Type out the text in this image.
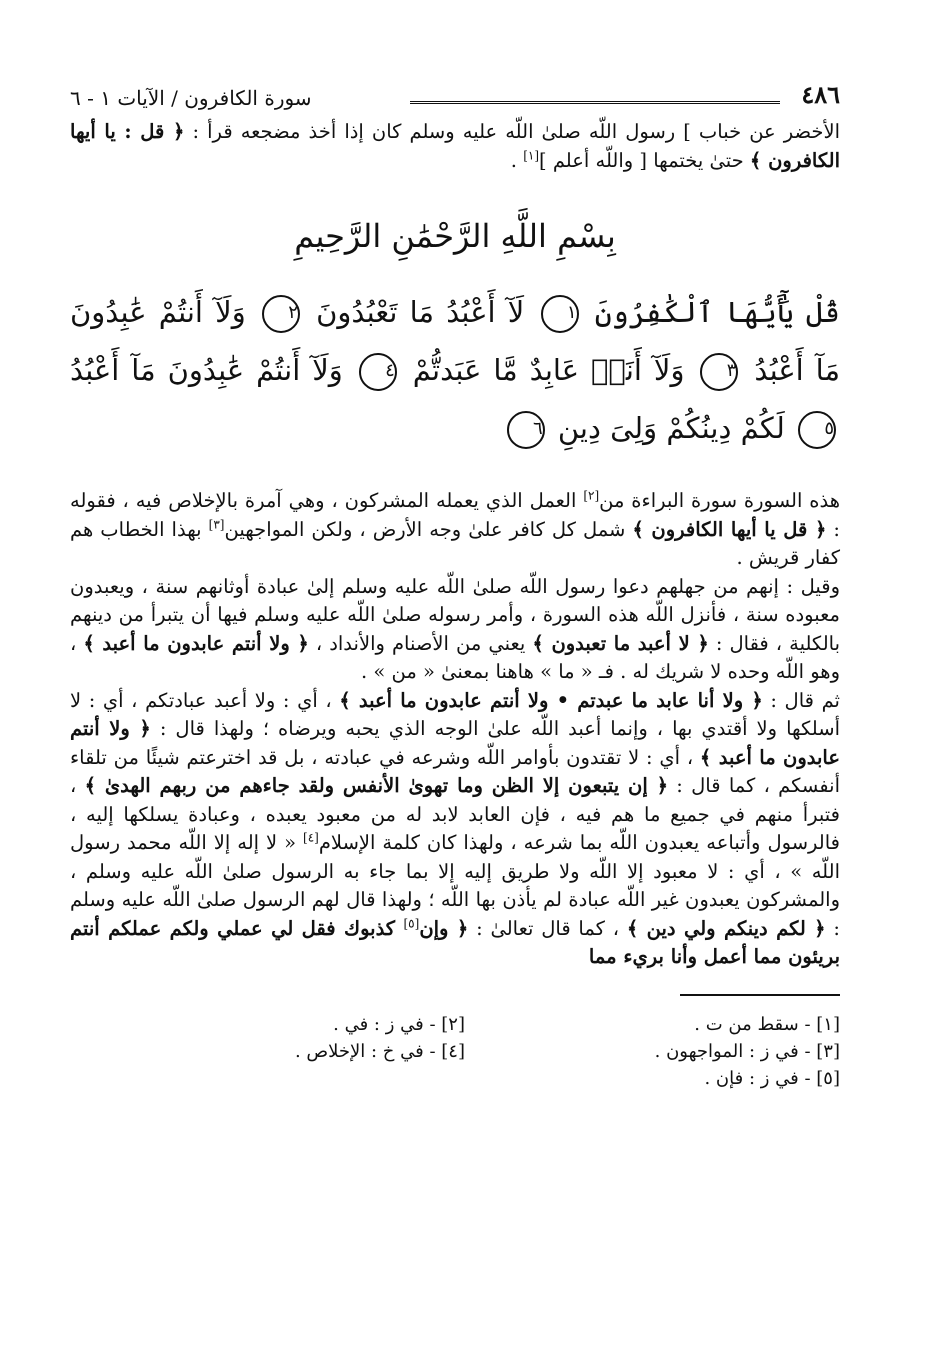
٤٨٦
سورة الكافرون / الآيات ١ - ٦

الأخضر عن خباب ] رسول اللّه صلىٰ اللّه عليه وسلم كان إذا أخذ مضجعه قرأ : ﴿ قل : يا أيها الكافرون ﴾ حتىٰ يختمها [ واللّه أعلم ][١] .

بِسْمِ اللَّهِ الرَّحْمَٰنِ الرَّحِيمِ

قُلْ يَٰٓأَيُّهَا ٱلْكَٰفِرُونَ ١ لَآ أَعْبُدُ مَا تَعْبُدُونَ ٢ وَلَآ أَنتُمْ عَٰبِدُونَ مَآ أَعْبُدُ ٣ وَلَآ أَنَا۠ عَابِدٌ مَّا عَبَدتُّمْ ٤ وَلَآ أَنتُمْ عَٰبِدُونَ مَآ أَعْبُدُ ٥ لَكُمْ دِينُكُمْ وَلِىَ دِينِ ٦

هذه السورة سورة البراءة من[٢] العمل الذي يعمله المشركون ، وهي آمرة بالإخلاص فيه ، فقوله : ﴿ قل يا أيها الكافرون ﴾ شمل كل كافر علىٰ وجه الأرض ، ولكن المواجهين[٣] بهذا الخطاب هم كفار قريش .

وقيل : إنهم من جهلهم دعوا رسول اللّه صلىٰ اللّه عليه وسلم إلىٰ عبادة أوثانهم سنة ، ويعبدون معبوده سنة ، فأنزل اللّه هذه السورة ، وأمر رسوله صلىٰ اللّه عليه وسلم فيها أن يتبرأ من دينهم بالكلية ، فقال : ﴿ لا أعبد ما تعبدون ﴾ يعني من الأصنام والأنداد ، ﴿ ولا أنتم عابدون ما أعبد ﴾ ، وهو اللّه وحده لا شريك له . فـ « ما » هاهنا بمعنىٰ « من » .

ثم قال : ﴿ ولا أنا عابد ما عبدتم • ولا أنتم عابدون ما أعبد ﴾ ، أي : ولا أعبد عبادتكم ، أي : لا أسلكها ولا أقتدي بها ، وإنما أعبد اللّه علىٰ الوجه الذي يحبه ويرضاه ؛ ولهذا قال : ﴿ ولا أنتم عابدون ما أعبد ﴾ ، أي : لا تقتدون بأوامر اللّه وشرعه في عبادته ، بل قد اخترعتم شيئًا من تلقاء أنفسكم ، كما قال : ﴿ إن يتبعون إلا الظن وما تهوىٰ الأنفس ولقد جاءهم من ربهم الهدىٰ ﴾ ، فتبرأ منهم في جميع ما هم فيه ، فإن العابد لابد له من معبود يعبده ، وعبادة يسلكها إليه ، فالرسول وأتباعه يعبدون اللّه بما شرعه ، ولهذا كان كلمة الإسلام[٤] « لا إله إلا اللّه محمد رسول اللّه » ، أي : لا معبود إلا اللّه ولا طريق إليه إلا بما جاء به الرسول صلىٰ اللّه عليه وسلم ، والمشركون يعبدون غير اللّه عبادة لم يأذن بها اللّه ؛ ولهذا قال لهم الرسول صلىٰ اللّه عليه وسلم : ﴿ لكم دينكم ولي دين ﴾ ، كما قال تعالىٰ : ﴿ وإن[٥] كذبوك فقل لي عملي ولكم عملكم أنتم بريئون مما أعمل وأنا بريء مما

[١] - سقط من ت .
[٢] - في ز : في .
[٣] - في ز : المواجهون .
[٤] - في خ : الإخلاص .
[٥] - في ز : فإن .
